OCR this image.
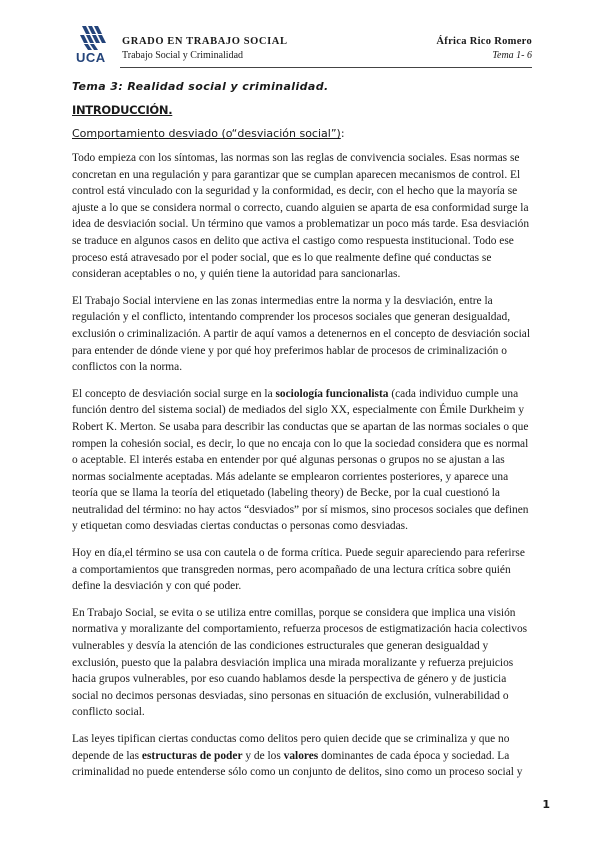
UCA
GRADO EN TRABAJO SOCIAL
Trabajo Social y Criminalidad
África Rico Romero
Tema 1- 6
Tema 3: Realidad social y criminalidad.
INTRODUCCIÓN.
Comportamiento desviado (o“desviación social”):

Todo empieza con los síntomas, las normas son las reglas de convivencia sociales. Esas normas se concretan en una regulación y para garantizar que se cumplan aparecen mecanismos de control. El control está vinculado con la seguridad y la conformidad, es decir, con el hecho que la mayoría se ajuste a lo que se considera normal o correcto, cuando alguien se aparta de esa conformidad surge la idea de desviación social. Un término que vamos a problematizar un poco más tarde. Esa desviación se traduce en algunos casos en delito que activa el castigo como respuesta institucional. Todo ese proceso está atravesado por el poder social, que es lo que realmente define qué conductas se consideran aceptables o no, y quién tiene la autoridad para sancionarlas.

El Trabajo Social interviene en las zonas intermedias entre la norma y la desviación, entre la regulación y el conflicto, intentando comprender los procesos sociales que generan desigualdad, exclusión o criminalización. A partir de aquí vamos a detenernos en el concepto de desviación social para entender de dónde viene y por qué hoy preferimos hablar de procesos de criminalización o conflictos con la norma.

El concepto de desviación social surge en la sociología funcionalista (cada individuo cumple una función dentro del sistema social) de mediados del siglo XX, especialmente con Émile Durkheim y Robert K. Merton. Se usaba para describir las conductas que se apartan de las normas sociales o que rompen la cohesión social, es decir, lo que no encaja con lo que la sociedad considera que es normal o aceptable. El interés estaba en entender por qué algunas personas o grupos no se ajustan a las normas socialmente aceptadas. Más adelante se emplearon corrientes posteriores, y aparece una teoría que se llama la teoría del etiquetado (labeling theory) de Becke, por la cual cuestionó la neutralidad del término: no hay actos “desviados” por sí mismos, sino procesos sociales que definen y etiquetan como desviadas ciertas conductas o personas como desviadas.

Hoy en día,el término se usa con cautela o de forma crítica. Puede seguir apareciendo para referirse a comportamientos que transgreden normas, pero acompañado de una lectura crítica sobre quién define la desviación y con qué poder.

En Trabajo Social, se evita o se utiliza entre comillas, porque se considera que implica una visión normativa y moralizante del comportamiento, refuerza procesos de estigmatización hacia colectivos vulnerables y desvía la atención de las condiciones estructurales que generan desigualdad y exclusión, puesto que la palabra desviación implica una mirada moralizante y refuerza prejuicios hacia grupos vulnerables, por eso cuando hablamos desde la perspectiva de género y de justicia social no decimos personas desviadas, sino personas en situación de exclusión, vulnerabilidad o conflicto social.

Las leyes tipifican ciertas conductas como delitos pero quien decide que se criminaliza y que no depende de las estructuras de poder y de los valores dominantes de cada época y sociedad. La criminalidad no puede entenderse sólo como un conjunto de delitos, sino como un proceso social y

1
